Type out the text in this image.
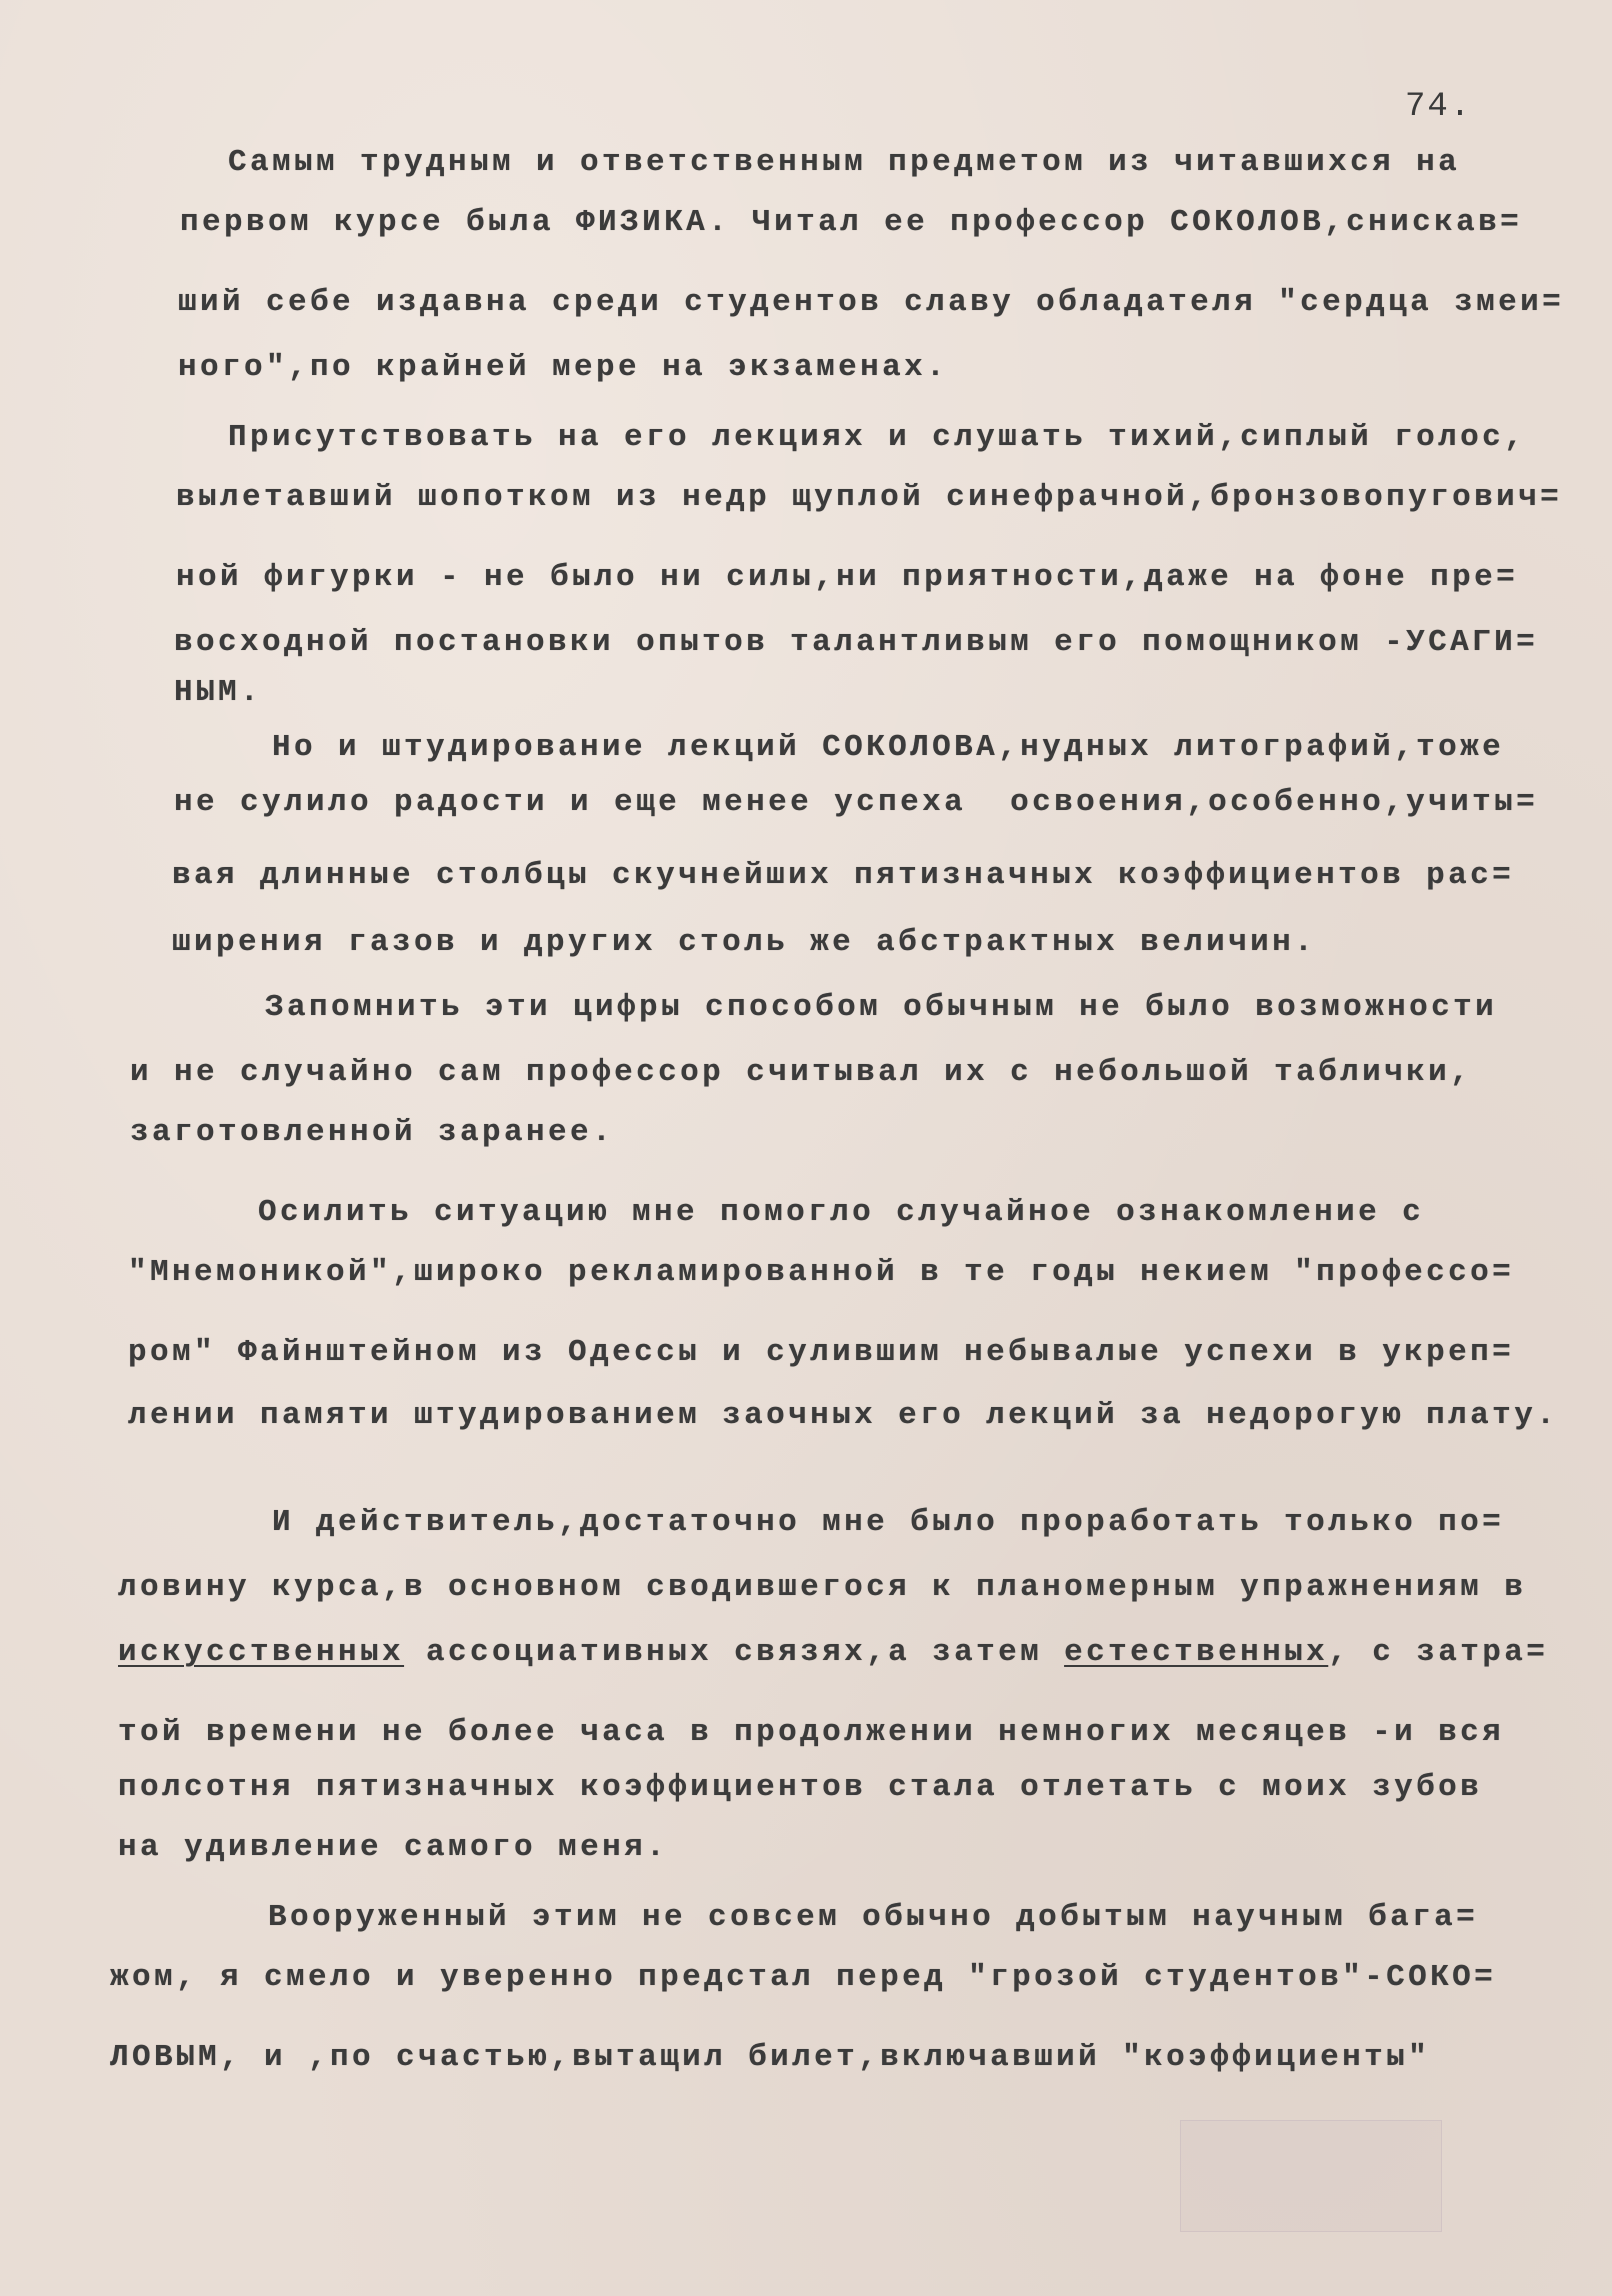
74.
Самым трудным и ответственным предметом из читавшихся на
первом курсе была ФИЗИКА. Читал ее профессор СОКОЛОВ,снискав=
ший себе издавна среди студентов славу обладателя "сердца змеи=
ного",по крайней мере на экзаменах.
Присутствовать на его лекциях и слушать тихий,сиплый голос,
вылетавший шопотком из недр щуплой синефрачной,бронзовопугович=
ной фигурки - не было ни силы,ни приятности,даже на фоне пре=
восходной постановки опытов талантливым его помощником -УСАГИ=
НЫМ.
Но и штудирование лекций СОКОЛОВА,нудных литографий,тоже
не сулило радости и еще менее успеха  освоения,особенно,учиты=
вая длинные столбцы скучнейших пятизначных коэффициентов рас=
ширения газов и других столь же абстрактных величин.
Запомнить эти цифры способом обычным не было возможности
и не случайно сам профессор считывал их с небольшой таблички,
заготовленной заранее.
Осилить ситуацию мне помогло случайное ознакомление с
"Мнемоникой",широко рекламированной в те годы некием "профессо=
ром" Файнштейном из Одессы и сулившим небывалые успехи в укреп=
лении памяти штудированием заочных его лекций за недорогую плату.
И действитель,достаточно мне было проработать только по=
ловину курса,в основном сводившегося к планомерным упражнениям в
искусственных ассоциативных связях,а затем естественных, с затра=
той времени не более часа в продолжении немногих месяцев -и вся
полсотня пятизначных коэффициентов стала отлетать с моих зубов
на удивление самого меня.
Вооруженный этим не совсем обычно добытым научным бага=
жом, я смело и уверенно предстал перед "грозой студентов"-СОКО=
ЛОВЫМ, и ,по счастью,вытащил билет,включавший "коэффициенты"
